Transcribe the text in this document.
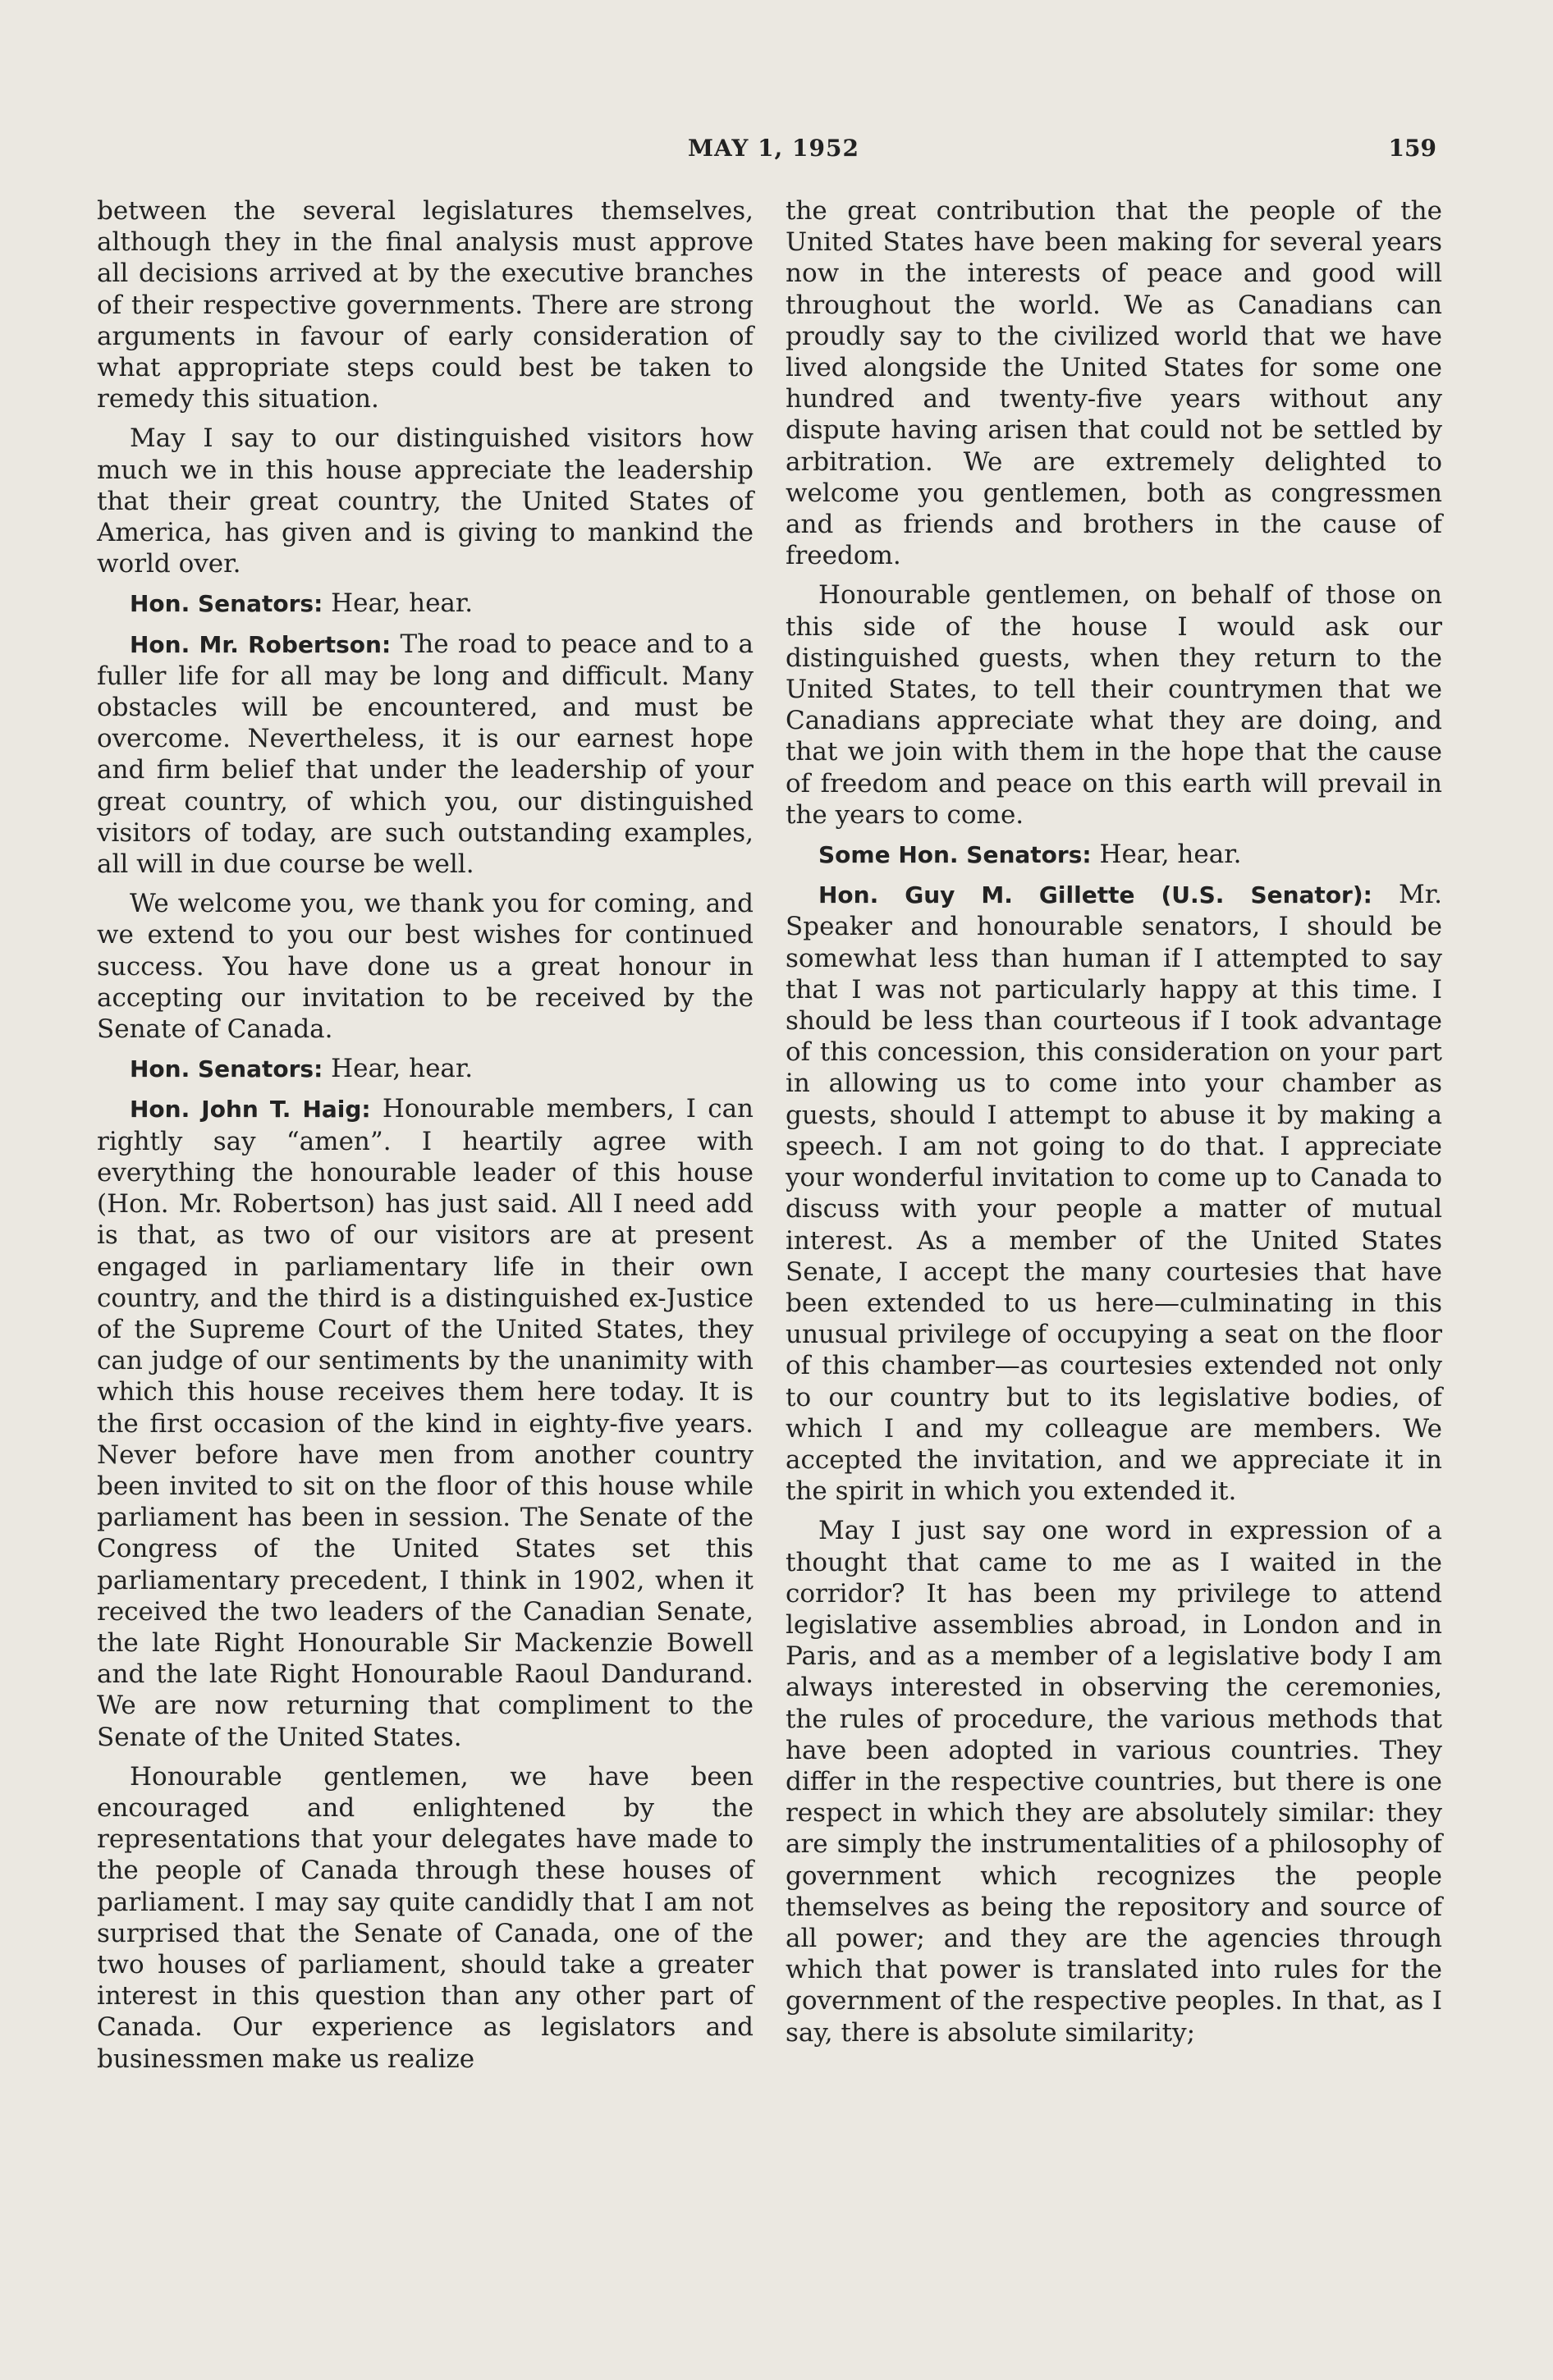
MAY 1, 1952	159

between the several legislatures themselves, although they in the final analysis must approve all decisions arrived at by the executive branches of their respective governments. There are strong arguments in favour of early consideration of what appropriate steps could best be taken to remedy this situation.

May I say to our distinguished visitors how much we in this house appreciate the leadership that their great country, the United States of America, has given and is giving to mankind the world over.

Hon. Senators: Hear, hear.

Hon. Mr. Robertson: The road to peace and to a fuller life for all may be long and difficult. Many obstacles will be encountered, and must be overcome. Nevertheless, it is our earnest hope and firm belief that under the leadership of your great country, of which you, our distinguished visitors of today, are such outstanding examples, all will in due course be well.

We welcome you, we thank you for coming, and we extend to you our best wishes for continued success. You have done us a great honour in accepting our invitation to be received by the Senate of Canada.

Hon. Senators: Hear, hear.

Hon. John T. Haig: Honourable members, I can rightly say “amen”. I heartily agree with everything the honourable leader of this house (Hon. Mr. Robertson) has just said. All I need add is that, as two of our visitors are at present engaged in parliamentary life in their own country, and the third is a distinguished ex-Justice of the Supreme Court of the United States, they can judge of our sentiments by the unanimity with which this house receives them here today. It is the first occasion of the kind in eighty-five years. Never before have men from another country been invited to sit on the floor of this house while parliament has been in session. The Senate of the Congress of the United States set this parliamentary precedent, I think in 1902, when it received the two leaders of the Canadian Senate, the late Right Honourable Sir Mackenzie Bowell and the late Right Honourable Raoul Dandurand. We are now returning that compliment to the Senate of the United States.

Honourable gentlemen, we have been encouraged and enlightened by the representations that your delegates have made to the people of Canada through these houses of parliament. I may say quite candidly that I am not surprised that the Senate of Canada, one of the two houses of parliament, should take a greater interest in this question than any other part of Canada. Our experience as legislators and businessmen make us realize

the great contribution that the people of the United States have been making for several years now in the interests of peace and good will throughout the world. We as Canadians can proudly say to the civilized world that we have lived alongside the United States for some one hundred and twenty-five years without any dispute having arisen that could not be settled by arbitration. We are extremely delighted to welcome you gentlemen, both as congressmen and as friends and brothers in the cause of freedom.

Honourable gentlemen, on behalf of those on this side of the house I would ask our distinguished guests, when they return to the United States, to tell their countrymen that we Canadians appreciate what they are doing, and that we join with them in the hope that the cause of freedom and peace on this earth will prevail in the years to come.

Some Hon. Senators: Hear, hear.

Hon. Guy M. Gillette (U.S. Senator): Mr. Speaker and honourable senators, I should be somewhat less than human if I attempted to say that I was not particularly happy at this time. I should be less than courteous if I took advantage of this concession, this consideration on your part in allowing us to come into your chamber as guests, should I attempt to abuse it by making a speech. I am not going to do that. I appreciate your wonderful invitation to come up to Canada to discuss with your people a matter of mutual interest. As a member of the United States Senate, I accept the many courtesies that have been extended to us here—culminating in this unusual privilege of occupying a seat on the floor of this chamber—as courtesies extended not only to our country but to its legislative bodies, of which I and my colleague are members. We accepted the invitation, and we appreciate it in the spirit in which you extended it.

May I just say one word in expression of a thought that came to me as I waited in the corridor? It has been my privilege to attend legislative assemblies abroad, in London and in Paris, and as a member of a legislative body I am always interested in observing the ceremonies, the rules of procedure, the various methods that have been adopted in various countries. They differ in the respective countries, but there is one respect in which they are absolutely similar: they are simply the instrumentalities of a philosophy of government which recognizes the people themselves as being the repository and source of all power; and they are the agencies through which that power is translated into rules for the government of the respective peoples. In that, as I say, there is absolute similarity;
